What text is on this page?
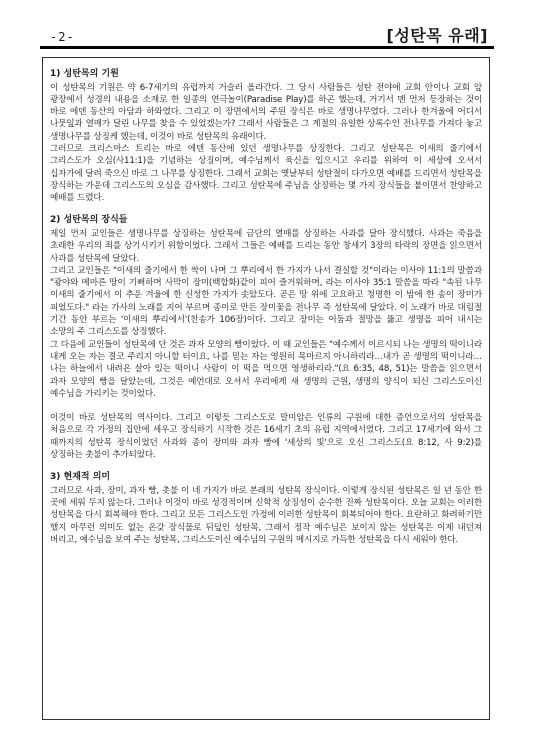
-2-	[성탄목 유래]

1) 성탄목의 기원

이 성탄목의 기원은 약 6-7세기의 유럽까지 거슬러 올라간다. 그 당시 사람들은 성탄 전야에 교회 안이나 교회 앞 광장에서 성경의 내용을 소재로 한 일종의 연극놀이(Paradise Play)를 하곤 했는데, 거기서 맨 먼저 등장하는 것이 바로 에덴 동산의 아담과 하와였다. 그리고 이 장면에서의 주된 장식은 바로 생명나무였다. 그러나 한겨울에 어디서 나뭇잎과 열매가 달린 나무를 찾을 수 있었겠는가? 그래서 사람들은 그 계절의 유일한 상록수인 전나무를 가져다 놓고 생명나무를 상징케 했는데, 이것이 바로 성탄목의 유래이다.

그러므로 크리스마스 트리는 바로 에덴 동산에 있던 생명나무를 상징한다. 그리고 성탄목은 이새의 줄기에서 그리스도가 오심(사11:1)을 기념하는 상징이며, 예수님께서 육신을 입으시고 우리를 위하여 이 세상에 오셔서 십자가에 달려 죽으신 바로 그 나무를 상징한다. 그래서 교회는 옛날부터 성탄절이 다가오면 예배를 드리면서 성탄목을 장식하는 가운데 그리스도의 오심을 감사했다. 그리고 성탄목에 주님을 상징하는 몇 가지 장식들을 붙이면서 찬양하고 예배를 드렸다.

2) 성탄목의 장식들

제일 먼저 교인들은 생명나무를 상징하는 성탄목에 금단의 열매를 상징하는 사과를 달아 장식했다. 사과는 죽음을 초래한 우리의 죄를 상기시키기 위함이었다. 그래서 그들은 예배를 드리는 동안 창세기 3장의 타락의 장면을 읽으면서 사과를 성탄목에 달았다.

그리고 교인들은 "이새의 줄기에서 한 싹이 나며 그 뿌리에서 한 가지가 나서 결실할 것"이라는 이사야 11:1의 말씀과 "광야와 메마른 땅이 기뻐하며 사막이 장미(백합화)같이 피어 즐거워하며, 라는 이사야 35:1 말씀을 따라 "속된 나무 이새의 줄기에서 이 추운 겨울에 한 신성한 가지가 솟았도다. 곧은 땅 위에 고요하고 청명한 이 밤에 한 송이 장미가 피었도다." 라는 가사의 노래를 지어 부르며 종이로 만든 장미꽃을 전나무 즉 성탄목에 달았다. 이 노래가 바로 대림절 기간 동안 부르는 '이새의 뿌리에서'(찬송가 106장)이다. 그리고 장미는 어둠과 절망을 뚫고 생명을 피어 내시는 소망의 주 그리스도를 상징했다.

그 다음에 교인들이 성탄목에 단 것은 과자 모양의 빵이었다. 이 때 교인들은 "예수께서 이르시되 나는 생명의 떡이니라 내게 오는 자는 결코 주리지 아니할 터이요, 나를 믿는 자는 영원히 목마르지 아니하리라…내가 곧 생명의 떡이니라…나는 하늘에서 내려온 살아 있는 떡이니 사람이 이 떡을 먹으면 영생하리라."(요 6:35, 48, 51)는 말씀을 읽으면서 과자 모양의 빵을 달았는데, 그것은 예언대로 오셔서 우리에게 새 생명의 근원, 생명의 양식이 되신 그리스도이신 예수님을 가리키는 것이었다.

이것이 바로 성탄목의 역사이다. 그리고 이렇듯 그리스도로 말미암은 인류의 구원에 대한 증언으로서의 성탄목을 처음으로 각 가정의 집안에 세우고 장식하기 시작한 것은 16세기 초의 유럽 지역에서였다. 그리고 17세기에 와서 그 때까지의 성탄목 장식이었던 사과와 종이 장미와 과자 빵에 '세상의 빛'으로 오신 그리스도(요 8:12, 사 9:2)를 상징하는 촛불이 추가되었다.

3) 현재적 의미

그러므로 사과, 장미, 과자 빵, 촛불 이 네 가지가 바로 본래의 성탄목 장식이다. 이렇게 장식된 성탄목은 일 년 동안 한 곳에 세워 두지 않는다. 그러나 이것이 바로 성경적이며 신학적 상징성이 순수한 진짜 성탄목이다. 오늘 교회는 이러한 성탄목을 다시 회복해야 한다. 그리고 모든 그리스도인 가정에 이러한 성탄목이 회복되어야 한다. 요란하고 화려하기만 했지 아무런 의미도 없는 온갖 장식물로 뒤덮인 성탄목, 그래서 정작 예수님은 보이지 않는 성탄목은 이제 내던져 버리고, 예수님을 보여 주는 성탄목, 그리스도이신 예수님의 구원의 메시지로 가득한 성탄목을 다시 세워야 한다.
